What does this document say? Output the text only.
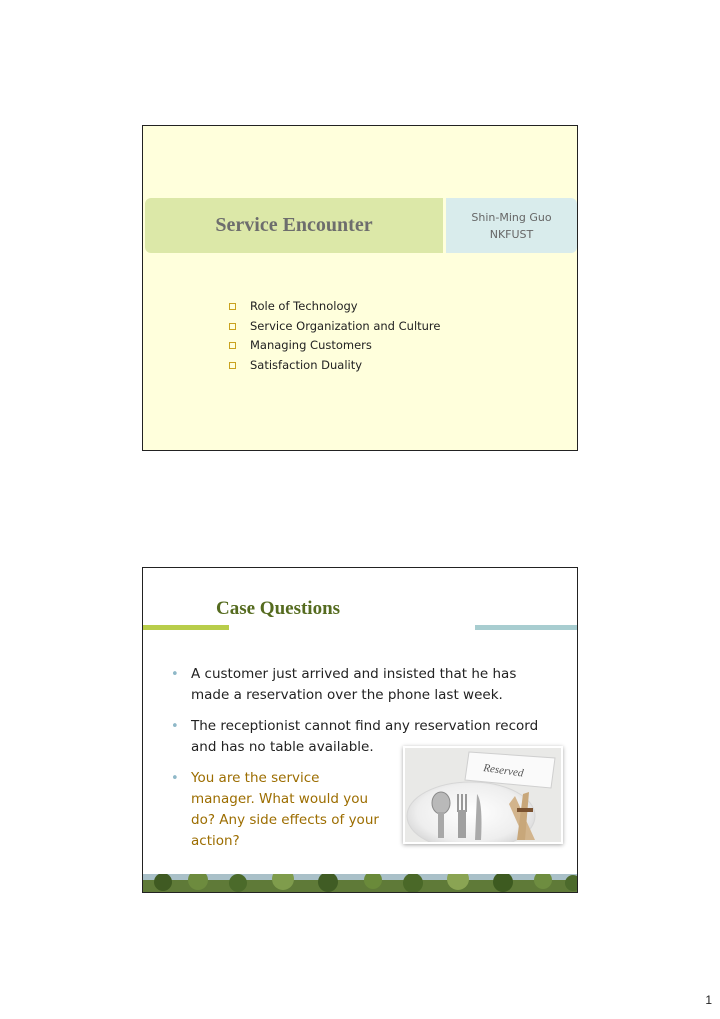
Service Encounter	Shin-Ming Guo
NKFUST
Role of Technology
Service Organization and Culture
Managing Customers
Satisfaction Duality
Case Questions
• A customer just arrived and insisted that he has made a reservation over the phone last week.
• The receptionist cannot find any reservation record and has no table available.
• You are the service manager. What would you do? Any side effects of your action?
Reserved
1
